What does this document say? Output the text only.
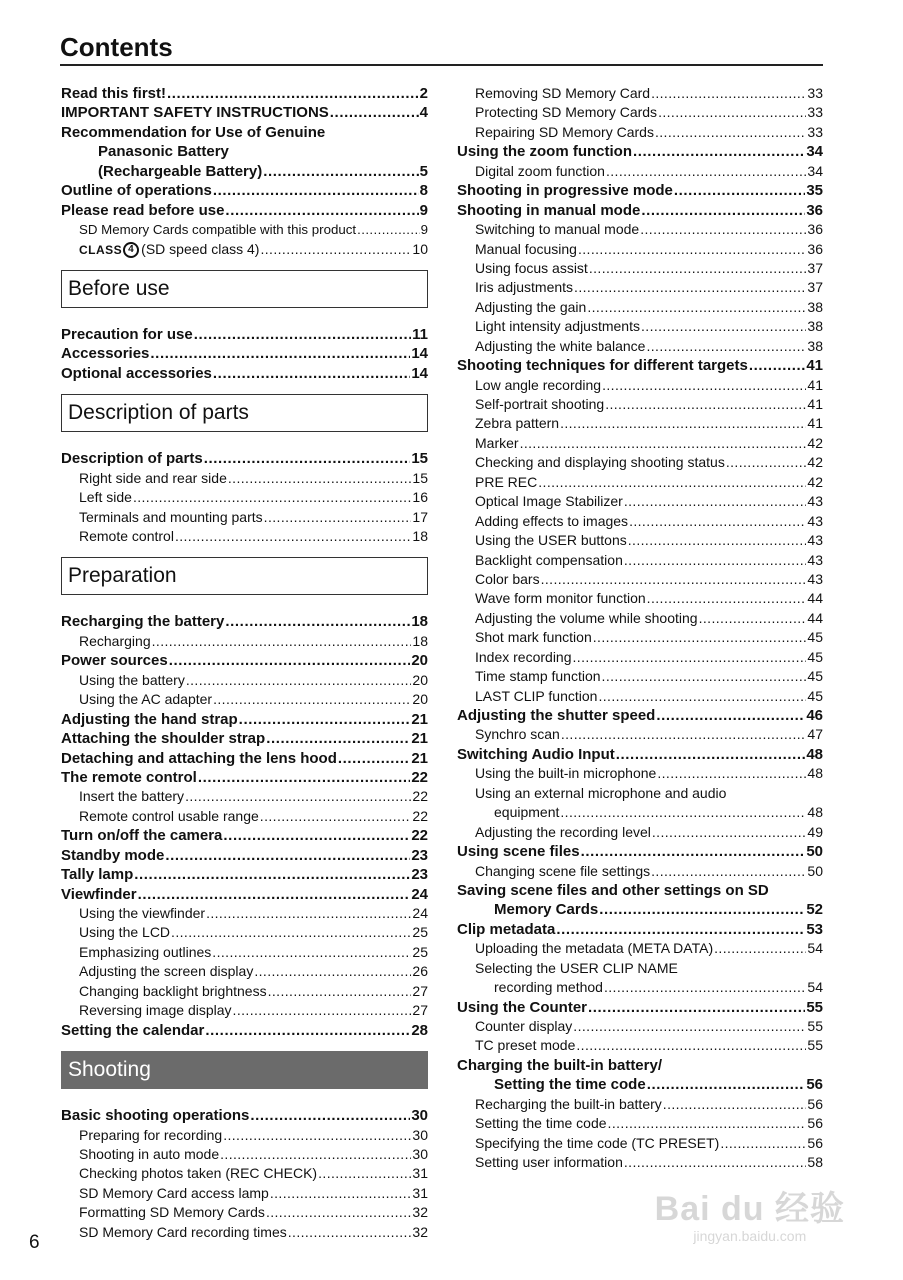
Contents
Read this first! .....	2
IMPORTANT SAFETY INSTRUCTIONS .....	4
Recommendation for Use of Genuine
Panasonic Battery
(Rechargeable Battery) .....	5
Outline of operations .....	8
Please read before use .....	9
SD Memory Cards compatible with this product .....	9
CLASS 4 (SD speed class 4) .....	10
Before use
Precaution for use .....	11
Accessories .....	14
Optional accessories .....	14
Description of parts
Description of parts .....	15
Right side and rear side .....	15
Left side .....	16
Terminals and mounting parts .....	17
Remote control .....	18
Preparation
Recharging the battery .....	18
Recharging .....	18
Power sources .....	20
Using the battery .....	20
Using the AC adapter .....	20
Adjusting the hand strap .....	21
Attaching the shoulder strap .....	21
Detaching and attaching the lens hood .....	21
The remote control .....	22
Insert the battery .....	22
Remote control usable range .....	22
Turn on/off the camera .....	22
Standby mode .....	23
Tally lamp .....	23
Viewfinder .....	24
Using the viewfinder .....	24
Using the LCD .....	25
Emphasizing outlines .....	25
Adjusting the screen display .....	26
Changing backlight brightness .....	27
Reversing image display .....	27
Setting the calendar .....	28
Shooting
Basic shooting operations .....	30
Preparing for recording .....	30
Shooting in auto mode .....	30
Checking photos taken (REC CHECK) .....	31
SD Memory Card access lamp .....	31
Formatting SD Memory Cards .....	32
SD Memory Card recording times .....	32
Removing SD Memory Card .....	33
Protecting SD Memory Cards .....	33
Repairing SD Memory Cards .....	33
Using the zoom function .....	34
Digital zoom function .....	34
Shooting in progressive mode .....	35
Shooting in manual mode .....	36
Switching to manual mode .....	36
Manual focusing .....	36
Using focus assist .....	37
Iris adjustments .....	37
Adjusting the gain .....	38
Light intensity adjustments .....	38
Adjusting the white balance .....	38
Shooting techniques for different targets .....	41
Low angle recording .....	41
Self-portrait shooting .....	41
Zebra pattern .....	41
Marker .....	42
Checking and displaying shooting status .....	42
PRE REC .....	42
Optical Image Stabilizer .....	43
Adding effects to images .....	43
Using the USER buttons .....	43
Backlight compensation .....	43
Color bars .....	43
Wave form monitor function .....	44
Adjusting the volume while shooting .....	44
Shot mark function .....	45
Index recording .....	45
Time stamp function .....	45
LAST CLIP function .....	45
Adjusting the shutter speed .....	46
Synchro scan .....	47
Switching Audio Input .....	48
Using the built-in microphone .....	48
Using an external microphone and audio
equipment .....	48
Adjusting the recording level .....	49
Using scene files .....	50
Changing scene file settings .....	50
Saving scene files and other settings on SD
Memory Cards .....	52
Clip metadata .....	53
Uploading the metadata (META DATA) .....	54
Selecting the USER CLIP NAME
recording method .....	54
Using the Counter .....	55
Counter display .....	55
TC preset mode .....	55
Charging the built-in battery/
Setting the time code .....	56
Recharging the built-in battery .....	56
Setting the time code .....	56
Specifying the time code (TC PRESET) .....	56
Setting user information .....	58
6
Bai du 经验
jingyan.baidu.com
